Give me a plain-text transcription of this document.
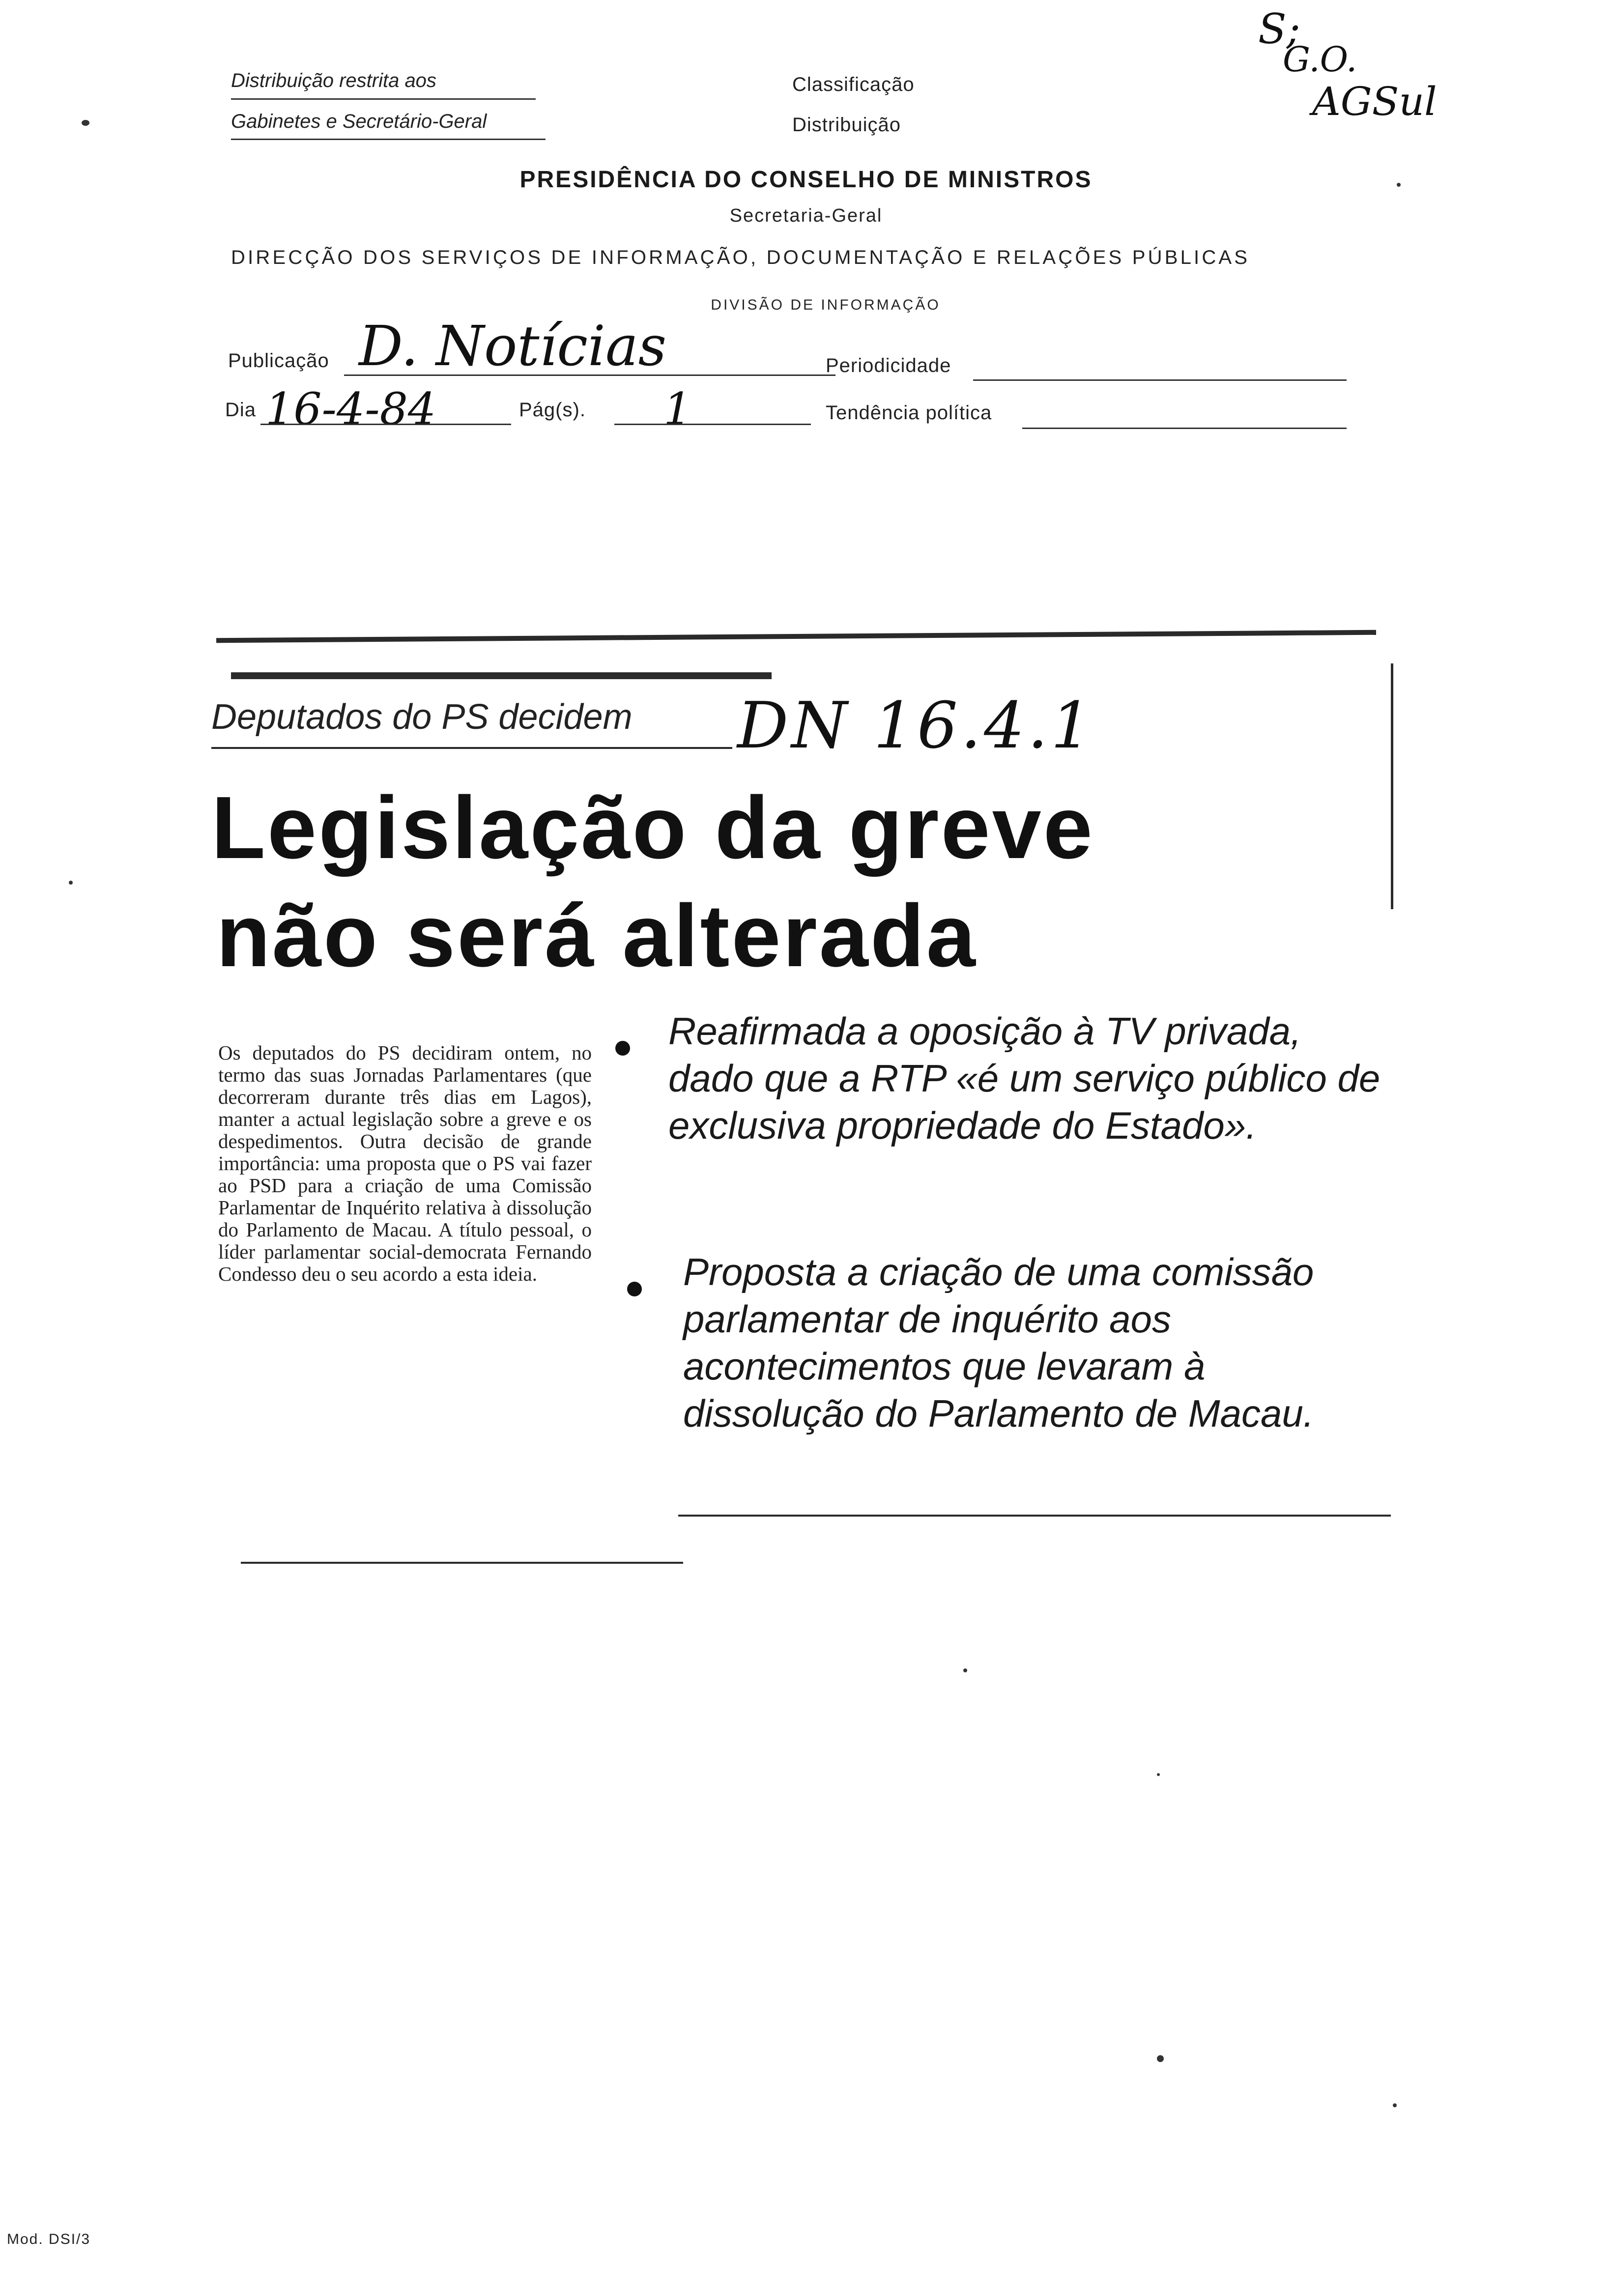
Distribuição restrita aos
Gabinetes e Secretário-Geral
Classificação
Distribuição
S;
G.O.
AGSul
PRESIDÊNCIA DO CONSELHO DE MINISTROS
Secretaria-Geral
DIRECÇÃO DOS SERVIÇOS DE INFORMAÇÃO, DOCUMENTAÇÃO E RELAÇÕES PÚBLICAS
DIVISÃO DE INFORMAÇÃO
Publicação D. Notícias	Periodicidade
Dia 16-4-84	Pág(s). 1	Tendência política
Deputados do PS decidem DN 16.4.1
Legislação da greve
não será alterada
Os deputados do PS decidiram ontem, no termo das suas Jornadas Parlamentares (que decorreram durante três dias em Lagos), manter a actual legislação sobre a greve e os despedimentos. Outra decisão de grande importância: uma proposta que o PS vai fazer ao PSD para a criação de uma Comissão Parlamentar de Inquérito relativa à dissolução do Parlamento de Macau. A título pessoal, o líder parlamentar social-democrata Fernando Condesso deu o seu acordo a esta ideia.
Reafirmada a oposição à TV privada, dado que a RTP «é um serviço público de exclusiva propriedade do Estado».
Proposta a criação de uma comissão parlamentar de inquérito aos acontecimentos que levaram à dissolução do Parlamento de Macau.
Mod. DSI/3
